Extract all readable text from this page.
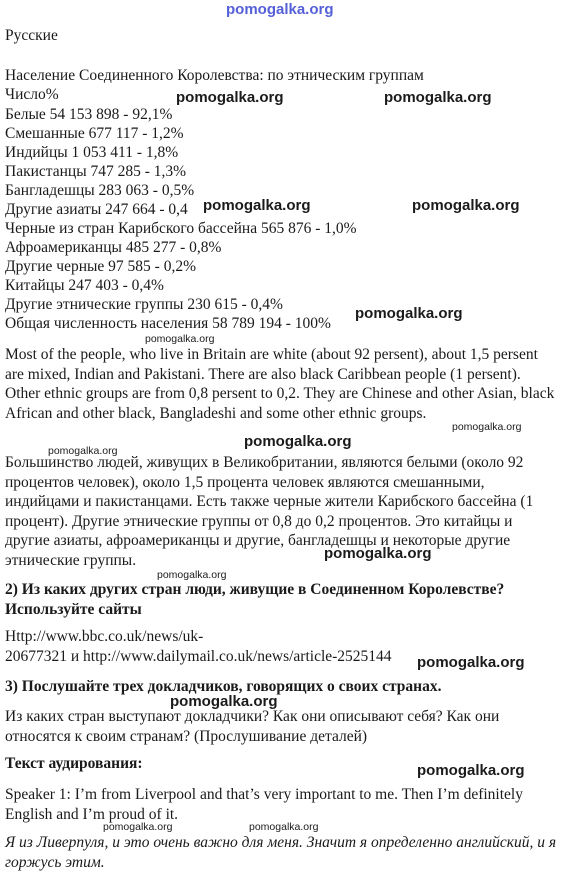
pomogalka.org
Русские
Население Соединенного Королевства: по этническим группам
Число%
Белые 54 153 898 - 92,1%
Смешанные 677 117 - 1,2%
Индийцы 1 053 411 - 1,8%
Пакистанцы 747 285 - 1,3%
Бангладешцы 283 063 - 0,5%
Другие азиаты 247 664 - 0,4
Черные из стран Карибского бассейна 565 876 - 1,0%
Афроамериканцы 485 277 - 0,8%
Другие черные 97 585 - 0,2%
Китайцы 247 403 - 0,4%
Другие этнические группы 230 615 - 0,4%
Общая численность населения 58 789 194 - 100%
Most of the people, who live in Britain are white (about 92 persent), about 1,5 persent are mixed, Indian and Pakistani. There are also black Caribbean people (1 persent). Other ethnic groups are from 0,8 persent to 0,2. They are Chinese and other Asian, black African and other black, Bangladeshi and some other ethnic groups.
Большинство людей, живущих в Великобритании, являются белыми (около 92 процентов человек), около 1,5 процента человек являются смешанными, индийцами и пакистанцами. Есть также черные жители Карибского бассейна (1 процент). Другие этнические группы от 0,8 до 0,2 процентов. Это китайцы и другие азиаты, афроамериканцы и другие, бангладешцы и некоторые другие этнические группы.
2) Из каких других стран люди, живущие в Соединенном Королевстве? Используйте сайты
Http://www.bbc.co.uk/news/uk-
20677321 и http://www.dailymail.co.uk/news/article-2525144
3) Послушайте трех докладчиков, говорящих о своих странах.
Из каких стран выступают докладчики? Как они описывают себя? Как они относятся к своим странам? (Прослушивание деталей)
Текст аудирования:
Speaker 1: I’m from Liverpool and that’s very important to me. Then I’m definitely English and I’m proud of it.
Я из Ливерпуля, и это очень важно для меня. Значит я определенно английский, и я горжусь этим.
pomogalka.org	pomogalka.org
pomogalka.org	pomogalka.org
pomogalka.org
pomogalka.org
pomogalka.org
pomogalka.org
pomogalka.org
pomogalka.org
pomogalka.org
pomogalka.org
pomogalka.org
pomogalka.org
pomogalka.org	pomogalka.org
